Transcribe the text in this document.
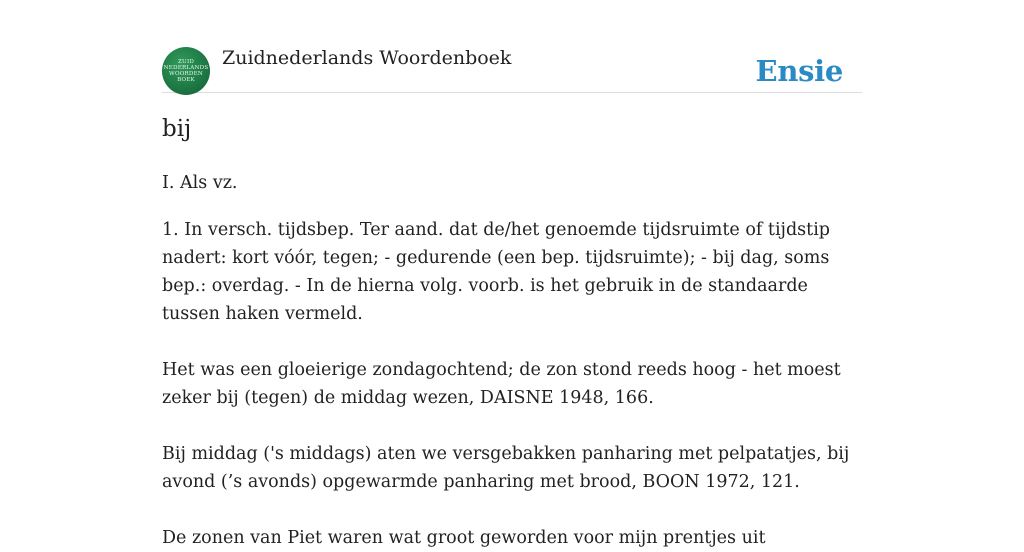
ZUID
NEDERLANDS
WOORDEN
BOEK
Zuidnederlands Woordenboek	Ensie
bij

I. Als vz.

1. In versch. tijdsbep. Ter aand. dat de/het genoemde tijdsruimte of tijdstip nadert: kort vóór, tegen; - gedurende (een bep. tijdsruimte); - bij dag, soms bep.: overdag. - In de hierna volg. voorb. is het gebruik in de standaarde tussen haken vermeld.

Het was een gloeierige zondagochtend; de zon stond reeds hoog - het moest zeker bij (tegen) de middag wezen, DAISNE 1948, 166.

Bij middag ('s middags) aten we versgebakken panharing met pelpatatjes, bij avond (’s avonds) opgewarmde panharing met brood, BOON 1972, 121.

De zonen van Piet waren wat groot geworden voor mijn prentjes uit
